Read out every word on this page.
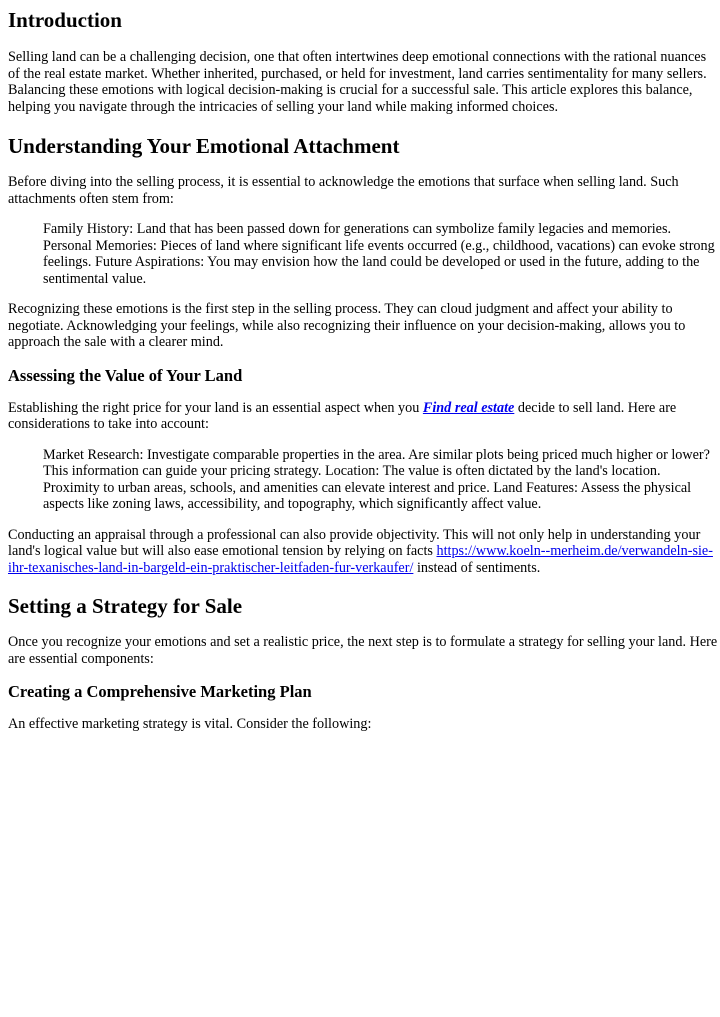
Introduction

Selling land can be a challenging decision, one that often intertwines deep emotional connections with the rational nuances of the real estate market. Whether inherited, purchased, or held for investment, land carries sentimentality for many sellers. Balancing these emotions with logical decision-making is crucial for a successful sale. This article explores this balance, helping you navigate through the intricacies of selling your land while making informed choices.

Understanding Your Emotional Attachment

Before diving into the selling process, it is essential to acknowledge the emotions that surface when selling land. Such attachments often stem from:

Family History: Land that has been passed down for generations can symbolize family legacies and memories. Personal Memories: Pieces of land where significant life events occurred (e.g., childhood, vacations) can evoke strong feelings. Future Aspirations: You may envision how the land could be developed or used in the future, adding to the sentimental value.

Recognizing these emotions is the first step in the selling process. They can cloud judgment and affect your ability to negotiate. Acknowledging your feelings, while also recognizing their influence on your decision-making, allows you to approach the sale with a clearer mind.

Assessing the Value of Your Land

Establishing the right price for your land is an essential aspect when you Find real estate decide to sell land. Here are considerations to take into account:

Market Research: Investigate comparable properties in the area. Are similar plots being priced much higher or lower? This information can guide your pricing strategy. Location: The value is often dictated by the land's location. Proximity to urban areas, schools, and amenities can elevate interest and price. Land Features: Assess the physical aspects like zoning laws, accessibility, and topography, which significantly affect value.

Conducting an appraisal through a professional can also provide objectivity. This will not only help in understanding your land's logical value but will also ease emotional tension by relying on facts https://www.koeln--merheim.de/verwandeln-sie-ihr-texanisches-land-in-bargeld-ein-praktischer-leitfaden-fur-verkaufer/ instead of sentiments.

Setting a Strategy for Sale

Once you recognize your emotions and set a realistic price, the next step is to formulate a strategy for selling your land. Here are essential components:

Creating a Comprehensive Marketing Plan

An effective marketing strategy is vital. Consider the following:
